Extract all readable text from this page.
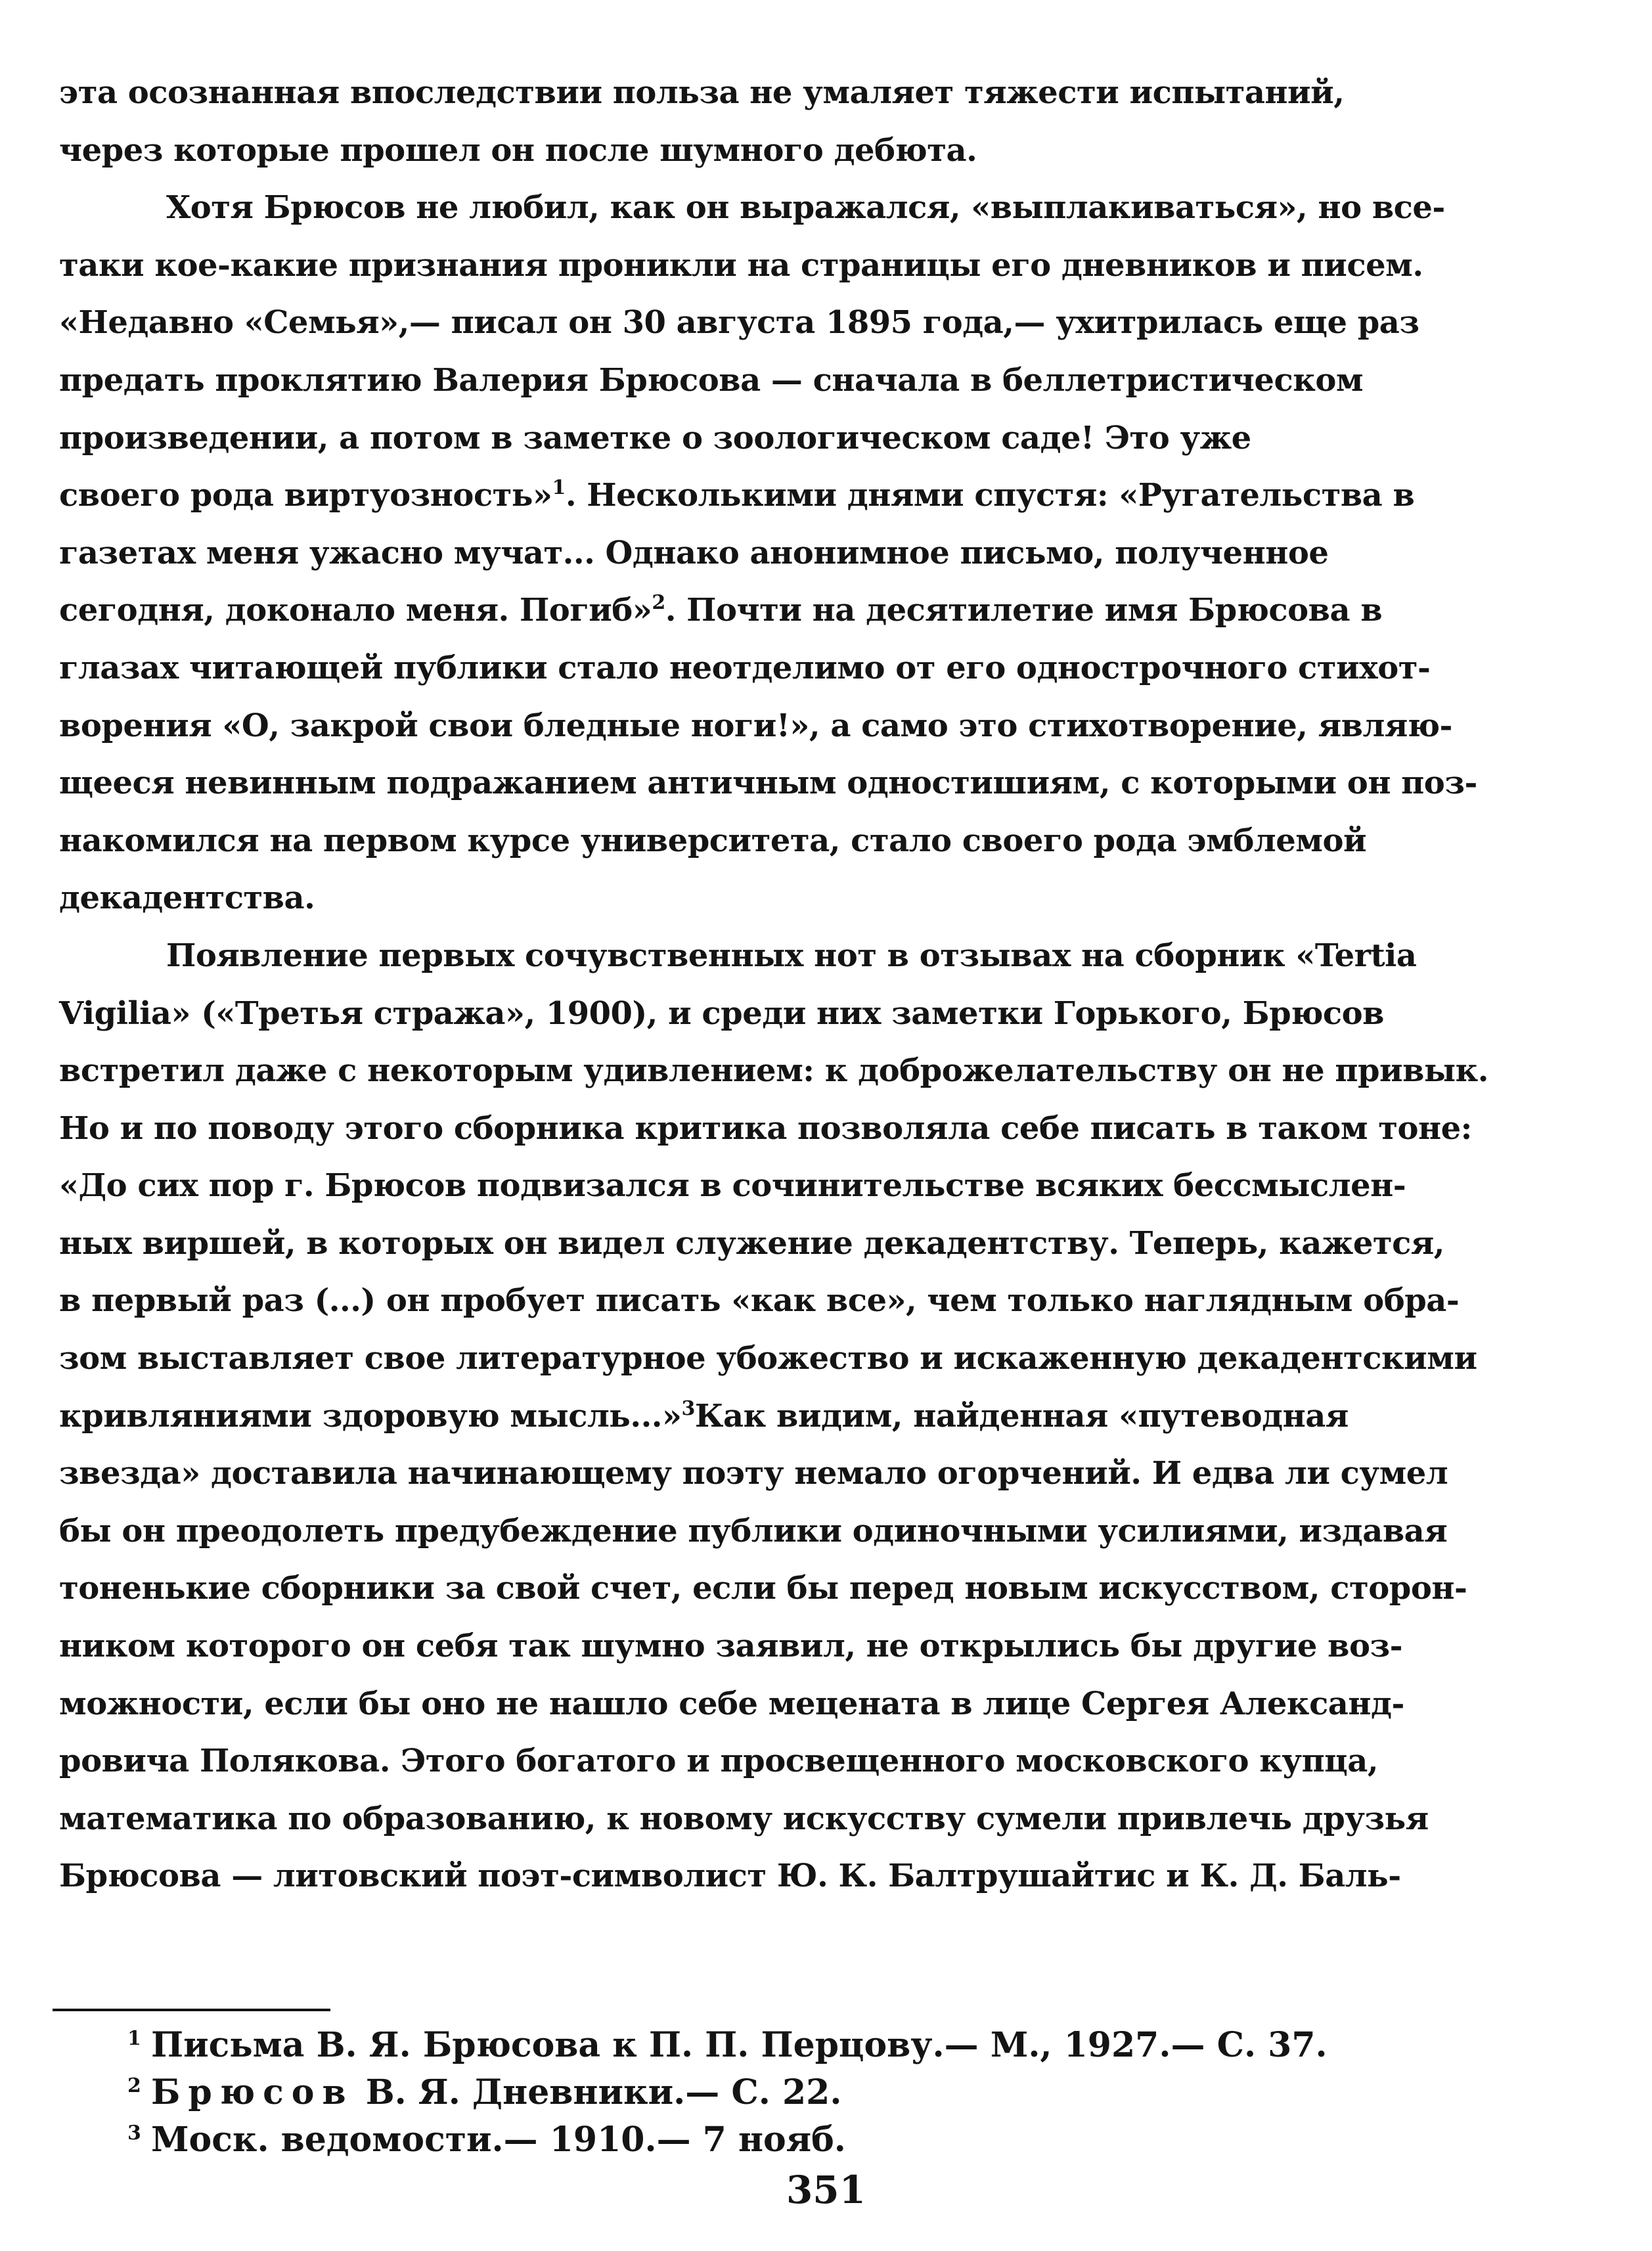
эта осознанная впоследствии польза не умаляет тяжести испытаний,
через которые прошел он после шумного дебюта.
Хотя Брюсов не любил, как он выражался, «выплакиваться», но все-
таки кое-какие признания проникли на страницы его дневников и писем.
«Недавно «Семья»,— писал он 30 августа 1895 года,— ухитрилась еще раз
предать проклятию Валерия Брюсова — сначала в беллетристическом
произведении, а потом в заметке о зоологическом саде! Это уже
своего рода виртуозность»$^1$. Несколькими днями спустя: «Ругательства в
газетах меня ужасно мучат... Однако анонимное письмо, полученное
сегодня, доконало меня. Погиб»$^2$. Почти на десятилетие имя Брюсова в
глазах читающей публики стало неотделимо от его однострочного стихот-
ворения «О, закрой свои бледные ноги!», а само это стихотворение, являю-
щееся невинным подражанием античным одностишиям, с которыми он поз-
накомился на первом курсе университета, стало своего рода эмблемой
декадентства.
Появление первых сочувственных нот в отзывах на сборник «Tertia
Vigilia» («Третья стража», 1900), и среди них заметки Горького, Брюсов
встретил даже с некоторым удивлением: к доброжелательству он не привык.
Но и по поводу этого сборника критика позволяла себе писать в таком тоне:
«До сих пор г. Брюсов подвизался в сочинительстве всяких бессмыслен-
ных виршей, в которых он видел служение декадентству. Теперь, кажется,
в первый раз (...) он пробует писать «как все», чем только наглядным обра-
зом выставляет свое литературное убожество и искаженную декадентскими
кривляниями здоровую мысль...»$^3$Как видим, найденная «путеводная
звезда» доставила начинающему поэту немало огорчений. И едва ли сумел
бы он преодолеть предубеждение публики одиночными усилиями, издавая
тоненькие сборники за свой счет, если бы перед новым искусством, сторон-
ником которого он себя так шумно заявил, не открылись бы другие воз-
можности, если бы оно не нашло себе мецената в лице Сергея Александ-
ровича Полякова. Этого богатого и просвещенного московского купца,
математика по образованию, к новому искусству сумели привлечь друзья
Брюсова — литовский поэт-символист Ю. К. Балтрушайтис и К. Д. Баль-
1 Письма В. Я. Брюсова к П. П. Перцову.— М., 1927.— С. 37.
2 Брюсов В. Я. Дневники.— С. 22.
3 Моск. ведомости.— 1910.— 7 нояб.
351
